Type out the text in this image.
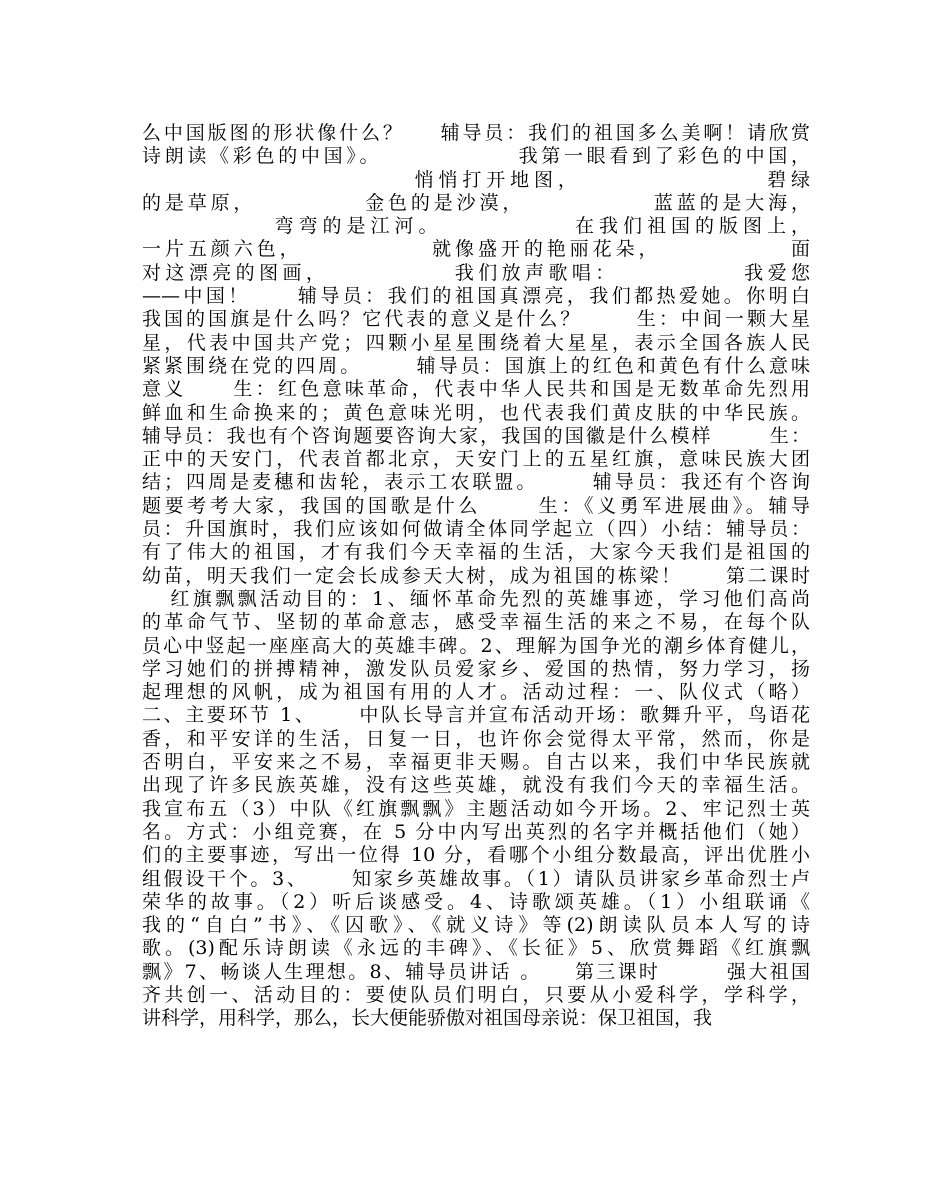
么中国版图的形状像什么？    辅导员：我们的祖国多么美啊！请欣赏
诗朗读《彩色的中国》。              我第一眼看到了彩色的中国，
悄悄打开地图，                 碧绿
的是草原，           金色的是沙漠，             蓝蓝的是大海，
弯弯的是江河。            在我们祖国的版图上，
一片五颜六色，             就像盛开的艳丽花朵，             面
对这漂亮的图画，            我们放声歌唱：            我爱您
——中国！     辅导员：我们的祖国真漂亮，我们都热爱她。你明白
我国的国旗是什么吗？它代表的意义是什么？      生：中间一颗大星
星，代表中国共产党；四颗小星星围绕着大星星，表示全国各族人民
紧紧围绕在党的四周。      辅导员：国旗上的红色和黄色有什么意味
意义     生：红色意味革命，代表中华人民共和国是无数革命先烈用
鲜血和生命换来的；黄色意味光明，也代表我们黄皮肤的中华民族。
辅导员：我也有个咨询题要咨询大家，我国的国徽是什么模样       生：
正中的天安门，代表首都北京，天安门上的五星红旗，意味民族大团
结；四周是麦穗和齿轮，表示工农联盟。      辅导员：我还有个咨询
题要考考大家，我国的国歌是什么      生：《义勇军进展曲》。辅导
员：升国旗时，我们应该如何做请全体同学起立（四）小结：辅导员：
有了伟大的祖国，才有我们今天幸福的生活，大家今天我们是祖国的
幼苗，明天我们一定会长成参天大树，成为祖国的栋梁！     第二课时
红旗飘飘活动目的：1、缅怀革命先烈的英雄事迹，学习他们高尚
的革命气节、坚韧的革命意志，感受幸福生活的来之不易，在每个队
员心中竖起一座座高大的英雄丰碑。2、理解为国争光的潮乡体育健儿，
学习她们的拼搏精神，激发队员爱家乡、爱国的热情，努力学习，扬
起理想的风帆，成为祖国有用的人才。活动过程：一、队仪式（略）
二、主要环节 1、     中队长导言并宣布活动开场：歌舞升平，鸟语花
香，和平安详的生活，日复一日，也许你会觉得太平常，然而，你是
否明白，平安来之不易，幸福更非天赐。自古以来，我们中华民族就
出现了许多民族英雄，没有这些英雄，就没有我们今天的幸福生活。
我宣布五（3）中队《红旗飘飘》主题活动如今开场。2、牢记烈士英
名。方式：小组竞赛，在 5 分中内写出英烈的名字并概括他们（她）
们的主要事迹，写出一位得 10 分，看哪个小组分数最高，评出优胜小
组假设干个。3、     知家乡英雄故事。（1）请队员讲家乡革命烈士卢
荣华的故事。（2）听后谈感受。4、诗歌颂英雄。（1）小组联诵《
我的“自白”书》、《囚歌》、《就义诗》等(2)朗读队员本人写的诗
歌。(3)配乐诗朗读《永远的丰碑》、《长征》5、欣赏舞蹈《红旗飘
飘》7、畅谈人生理想。8、辅导员讲话 。    第三课时        强大祖国
齐共创一、活动目的：要使队员们明白，只要从小爱科学，学科学，
讲科学，用科学，那么，长大便能骄傲对祖国母亲说：保卫祖国，我
